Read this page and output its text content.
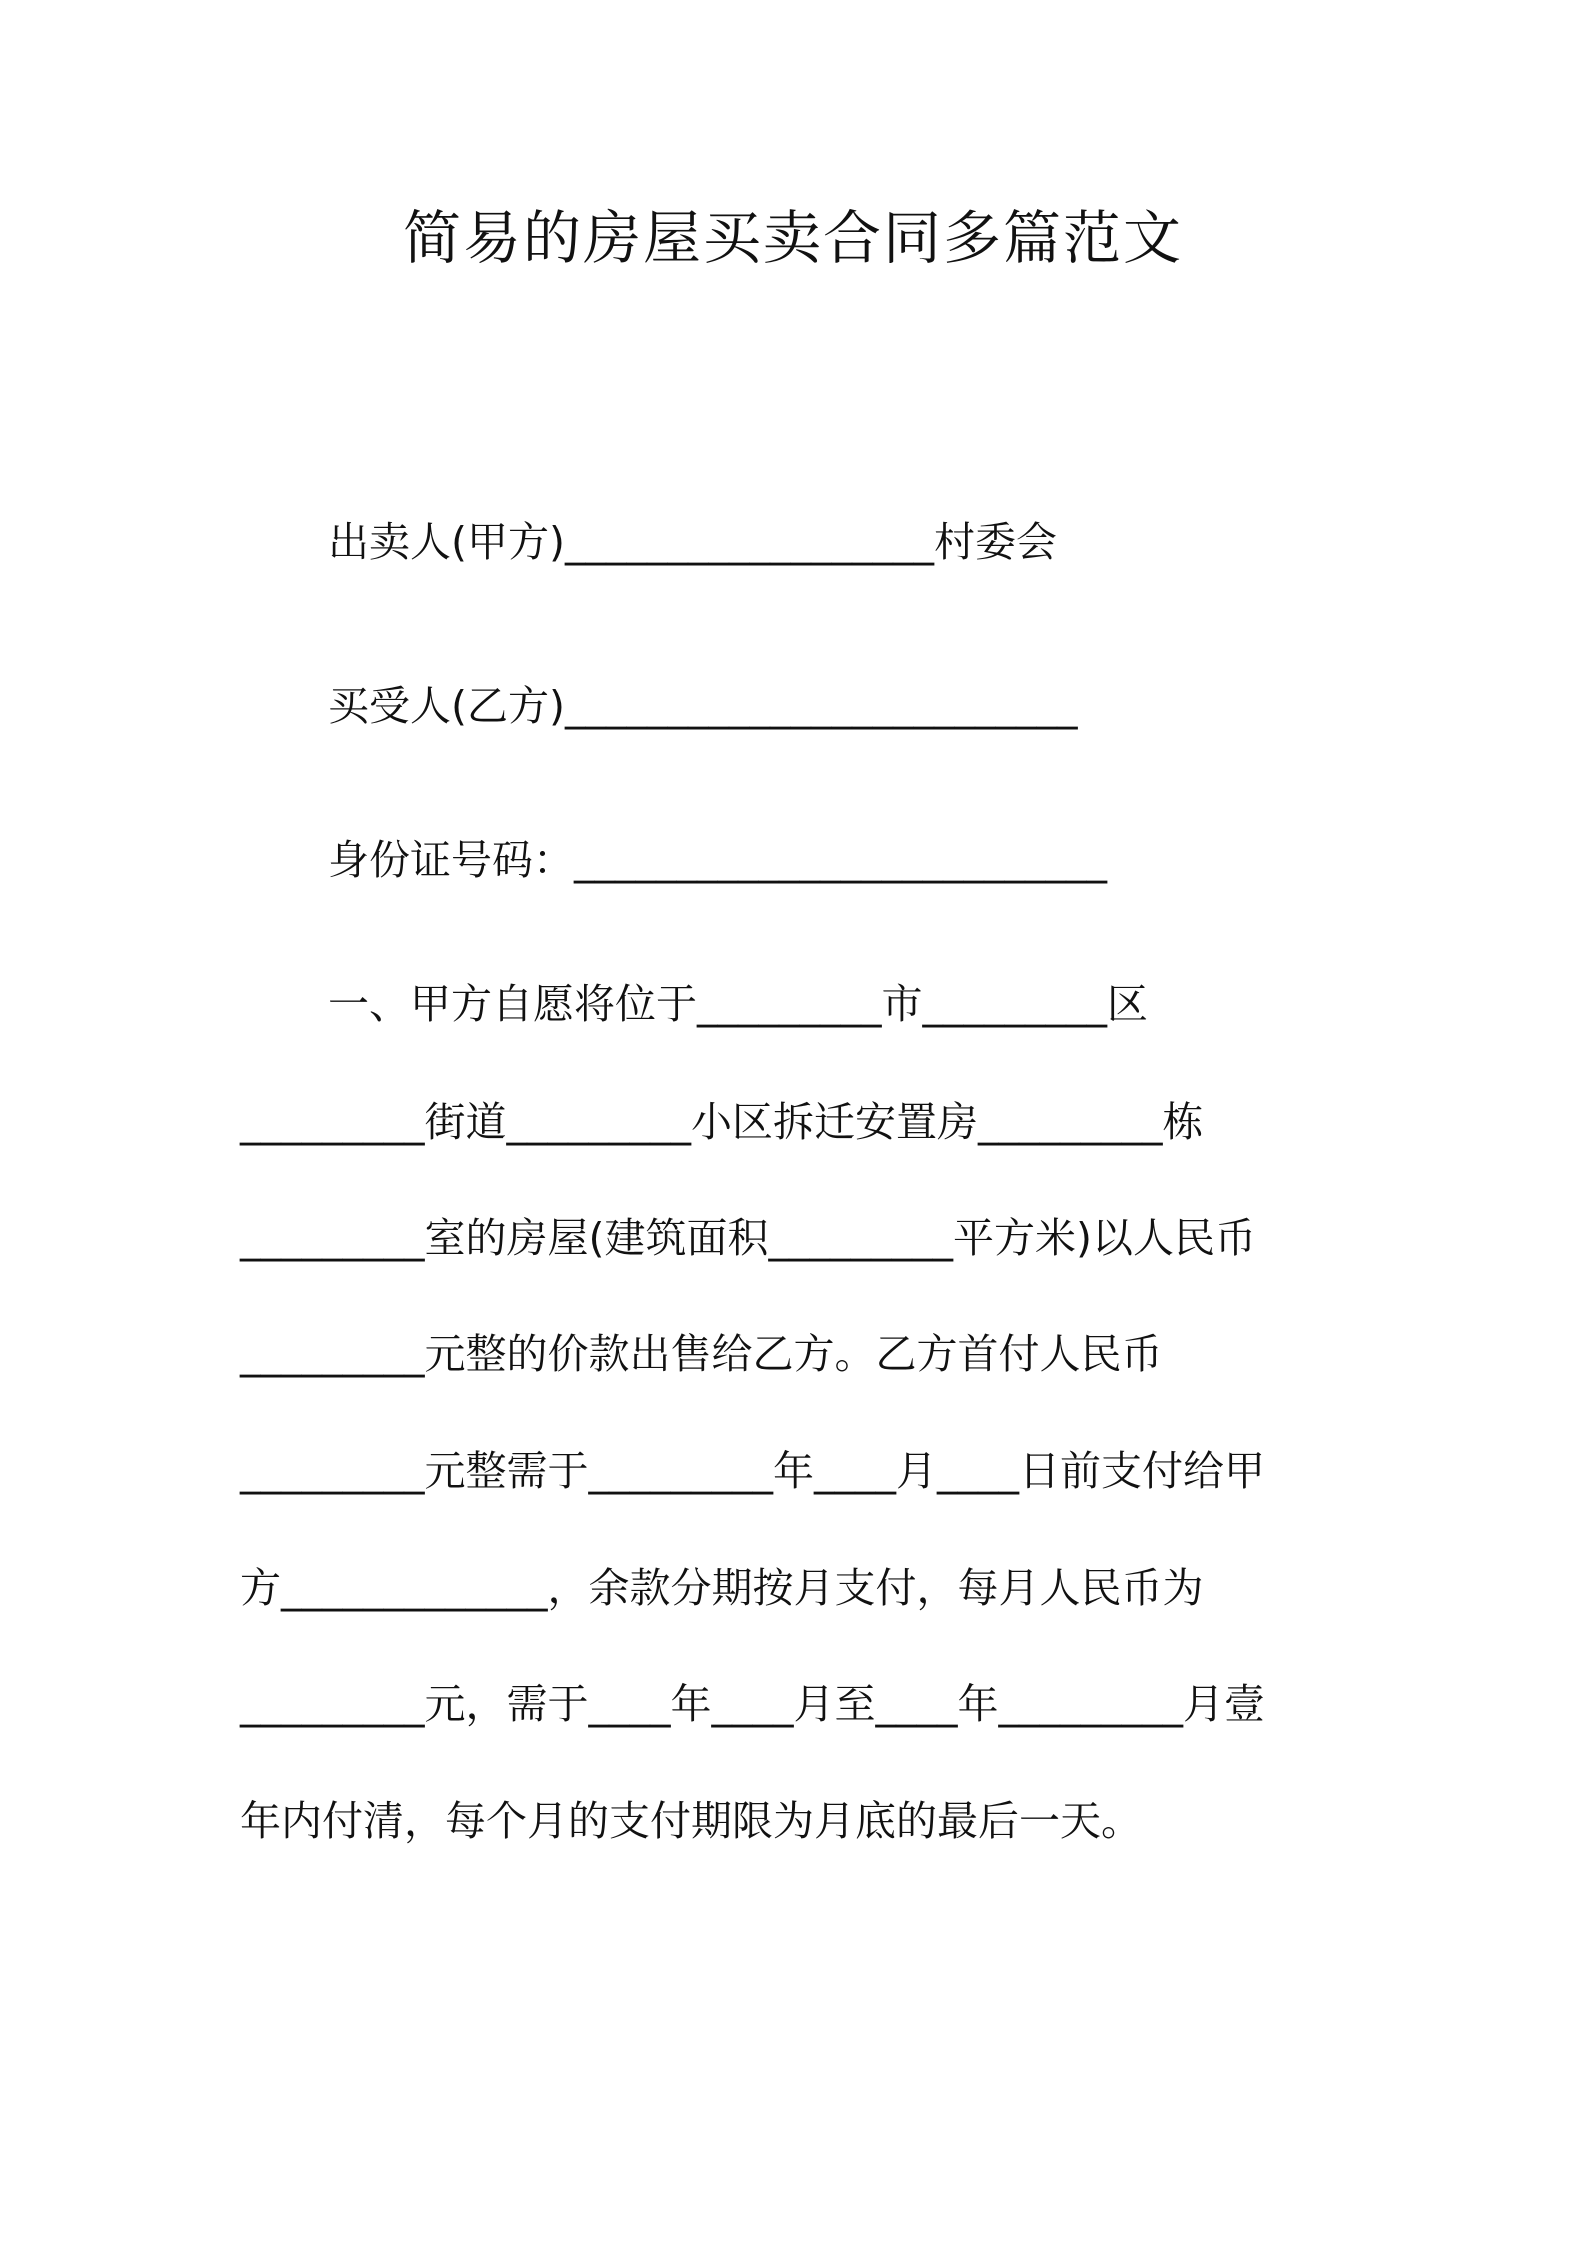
简易的房屋买卖合同多篇范文
出卖人(甲方)__________________村委会
买受人(乙方)_________________________
身份证号码：__________________________
一、甲方自愿将位于_________市_________区
_________街道_________小区拆迁安置房_________栋
_________室的房屋(建筑面积_________平方米)以人民币
_________元整的价款出售给乙方。乙方首付人民币
_________元整需于_________年____月____日前支付给甲
方_____________，余款分期按月支付，每月人民币为
_________元，需于____年____月至____年_________月壹
年内付清，每个月的支付期限为月底的最后一天。
